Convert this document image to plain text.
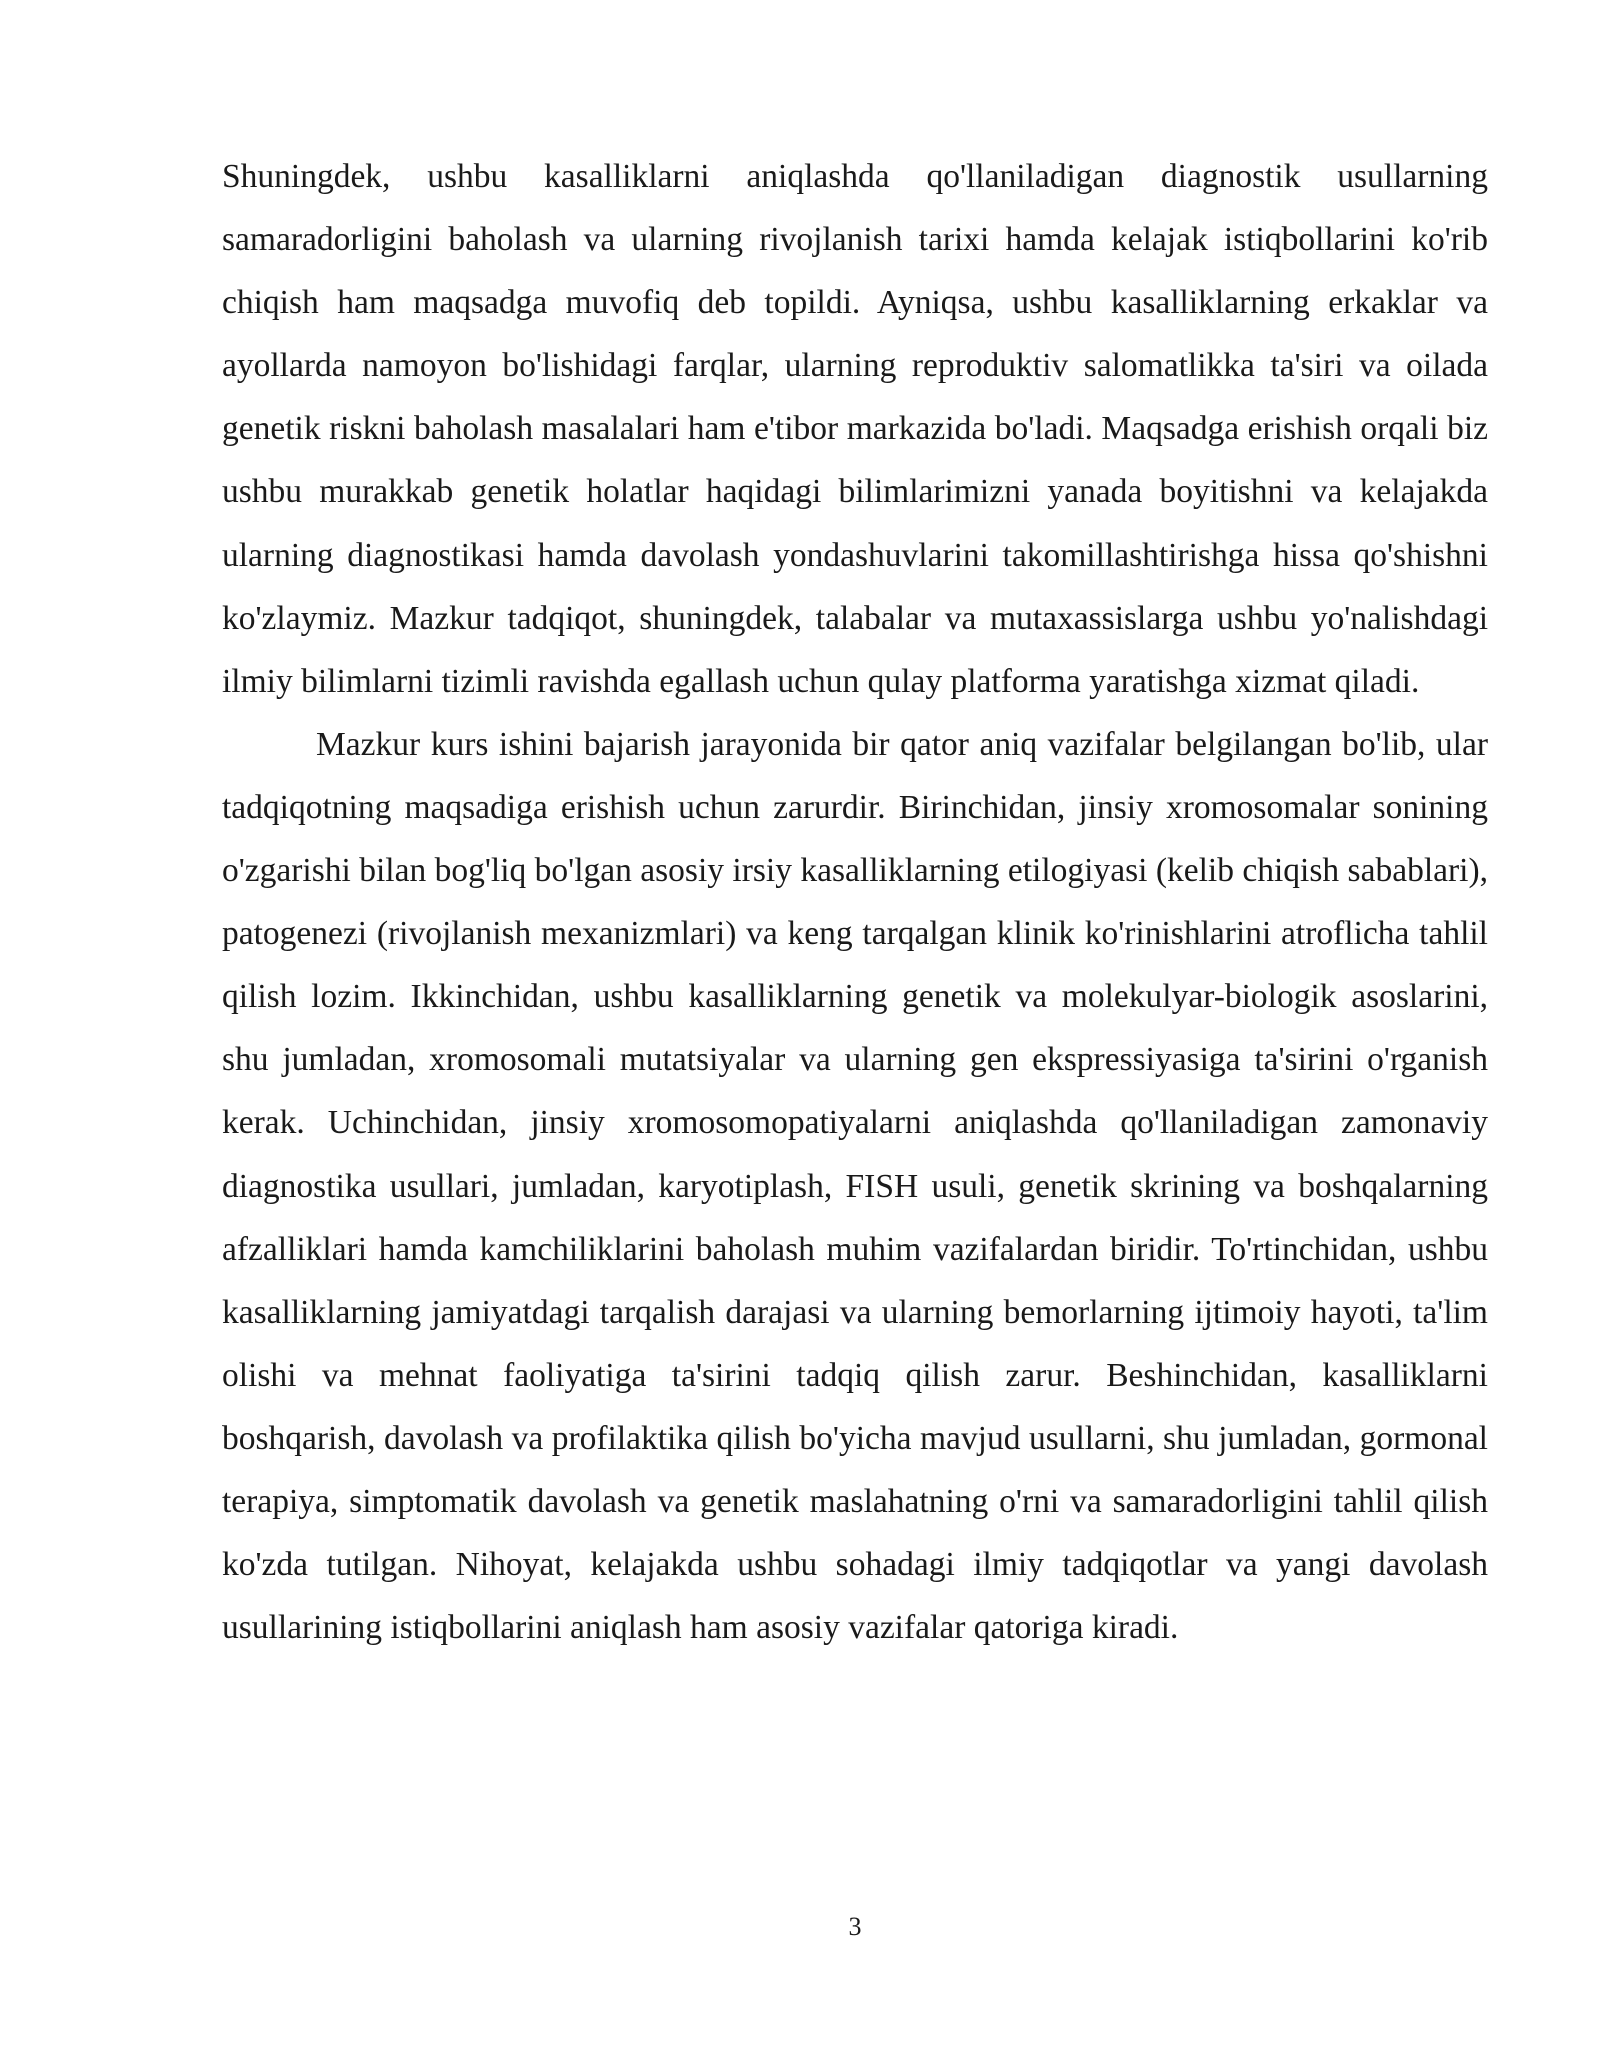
Shuningdek, ushbu kasalliklarni aniqlashda qo'llaniladigan diagnostik usullarning samaradorligini baholash va ularning rivojlanish tarixi hamda kelajak istiqbollarini ko'rib chiqish ham maqsadga muvofiq deb topildi. Ayniqsa, ushbu kasalliklarning erkaklar va ayollarda namoyon bo'lishidagi farqlar, ularning reproduktiv salomatlikka ta'siri va oilada genetik riskni baholash masalalari ham e'tibor markazida bo'ladi. Maqsadga erishish orqali biz ushbu murakkab genetik holatlar haqidagi bilimlarimizni yanada boyitishni va kelajakda ularning diagnostikasi hamda davolash yondashuvlarini takomillashtirishga hissa qo'shishni ko'zlaymiz. Mazkur tadqiqot, shuningdek, talabalar va mutaxassislarga ushbu yo'nalishdagi ilmiy bilimlarni tizimli ravishda egallash uchun qulay platforma yaratishga xizmat qiladi.

Mazkur kurs ishini bajarish jarayonida bir qator aniq vazifalar belgilangan bo'lib, ular tadqiqotning maqsadiga erishish uchun zarurdir. Birinchidan, jinsiy xromosomalar sonining o'zgarishi bilan bog'liq bo'lgan asosiy irsiy kasalliklarning etilogiyasi (kelib chiqish sabablari), patogenezi (rivojlanish mexanizmlari) va keng tarqalgan klinik ko'rinishlarini atroflicha tahlil qilish lozim. Ikkinchidan, ushbu kasalliklarning genetik va molekulyar-biologik asoslarini, shu jumladan, xromosomali mutatsiyalar va ularning gen ekspressiyasiga ta'sirini o'rganish kerak. Uchinchidan, jinsiy xromosomopatiyalarni aniqlashda qo'llaniladigan zamonaviy diagnostika usullari, jumladan, karyotiplash, FISH usuli, genetik skrining va boshqalarning afzalliklari hamda kamchiliklarini baholash muhim vazifalardan biridir. To'rtinchidan, ushbu kasalliklarning jamiyatdagi tarqalish darajasi va ularning bemorlarning ijtimoiy hayoti, ta'lim olishi va mehnat faoliyatiga ta'sirini tadqiq qilish zarur. Beshinchidan, kasalliklarni boshqarish, davolash va profilaktika qilish bo'yicha mavjud usullarni, shu jumladan, gormonal terapiya, simptomatik davolash va genetik maslahatning o'rni va samaradorligini tahlil qilish ko'zda tutilgan. Nihoyat, kelajakda ushbu sohadagi ilmiy tadqiqotlar va yangi davolash usullarining istiqbollarini aniqlash ham asosiy vazifalar qatoriga kiradi.

3
